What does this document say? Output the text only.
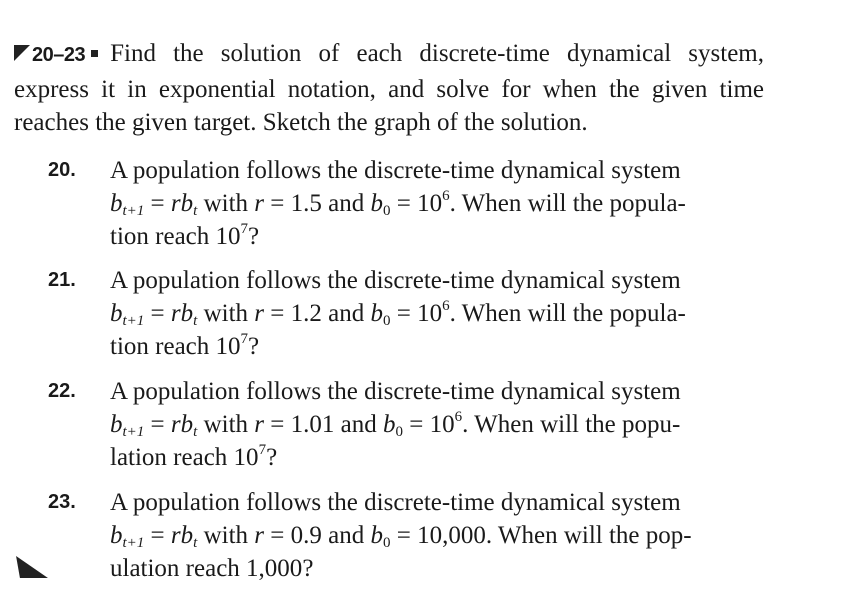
20–23 Find the solution of each discrete-time dynamical system, express it in exponential notation, and solve for when the given time reaches the given target. Sketch the graph of the solution.

20. A population follows the discrete-time dynamical system
$b_{t+1} = rb_t$ with r = 1.5 and $b_0 = 10^6$. When will the popula-
tion reach $10^7$?
21. A population follows the discrete-time dynamical system
$b_{t+1} = rb_t$ with r = 1.2 and $b_0 = 10^6$. When will the popula-
tion reach $10^7$?
22. A population follows the discrete-time dynamical system
$b_{t+1} = rb_t$ with r = 1.01 and $b_0 = 10^6$. When will the popu-
lation reach $10^7$?
23. A population follows the discrete-time dynamical system
$b_{t+1} = rb_t$ with r = 0.9 and $b_0 = 10,000$. When will the pop-
ulation reach 1,000?
